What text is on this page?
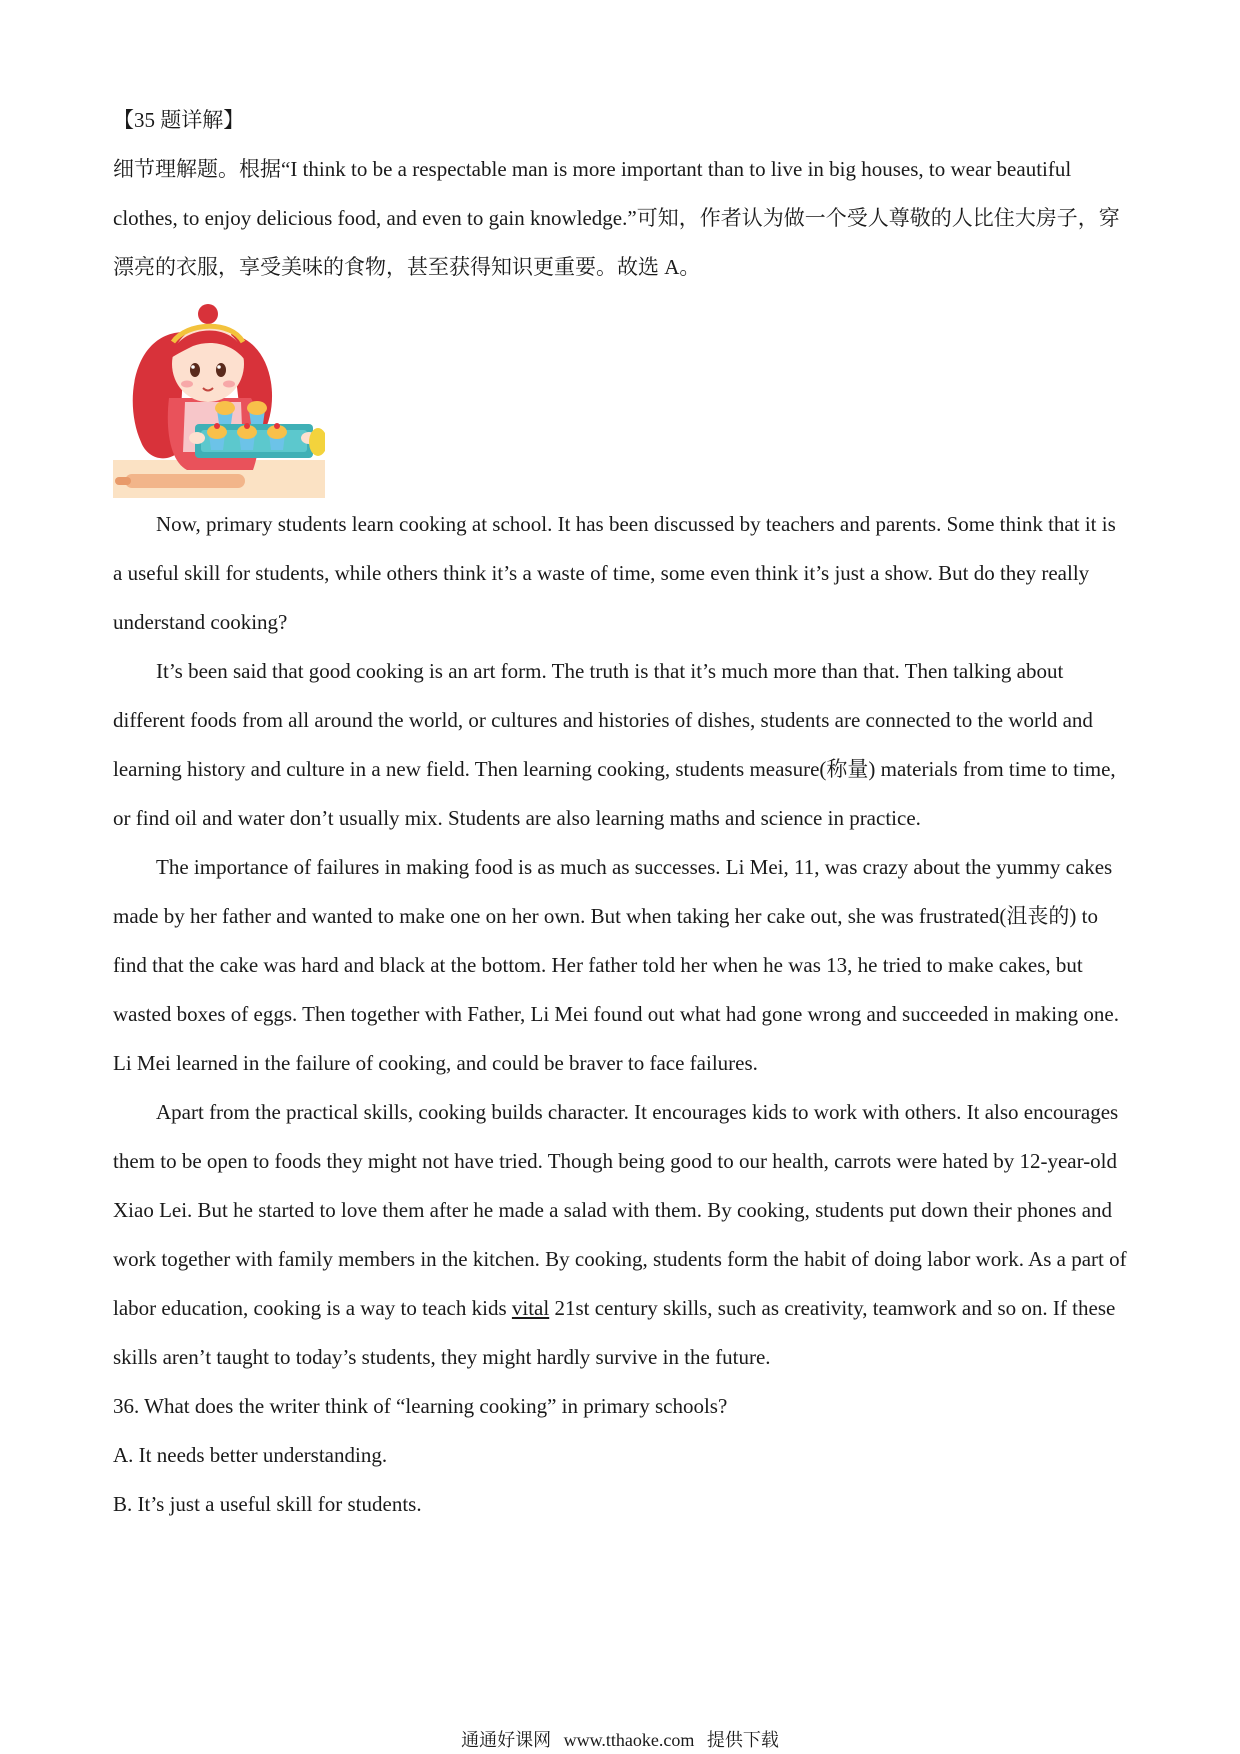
【35 题详解】

细节理解题。根据“I think to be a respectable man is more important than to live in big houses, to wear beautiful clothes, to enjoy delicious food, and even to gain knowledge.”可知，作者认为做一个受人尊敬的人比住大房子，穿漂亮的衣服，享受美味的食物，甚至获得知识更重要。故选 A。

Now, primary students learn cooking at school. It has been discussed by teachers and parents. Some think that it is a useful skill for students, while others think it’s a waste of time, some even think it’s just a show. But do they really understand cooking?

It’s been said that good cooking is an art form. The truth is that it’s much more than that. Then talking about different foods from all around the world, or cultures and histories of dishes, students are connected to the world and learning history and culture in a new field. Then learning cooking, students measure(称量) materials from time to time, or find oil and water don’t usually mix. Students are also learning maths and science in practice.

The importance of failures in making food is as much as successes. Li Mei, 11, was crazy about the yummy cakes made by her father and wanted to make one on her own. But when taking her cake out, she was frustrated(沮丧的) to find that the cake was hard and black at the bottom. Her father told her when he was 13, he tried to make cakes, but wasted boxes of eggs. Then together with Father, Li Mei found out what had gone wrong and succeeded in making one. Li Mei learned in the failure of cooking, and could be braver to face failures.

Apart from the practical skills, cooking builds character. It encourages kids to work with others. It also encourages them to be open to foods they might not have tried. Though being good to our health, carrots were hated by 12-year-old Xiao Lei. But he started to love them after he made a salad with them. By cooking, students put down their phones and work together with family members in the kitchen. By cooking, students form the habit of doing labor work. As a part of labor education, cooking is a way to teach kids vital 21st century skills, such as creativity, teamwork and so on. If these skills aren’t taught to today’s students, they might hardly survive in the future.

36. What does the writer think of “learning cooking” in primary schools?

A. It needs better understanding.

B. It’s just a useful skill for students.

通通好课网 www.tthaoke.com 提供下载
